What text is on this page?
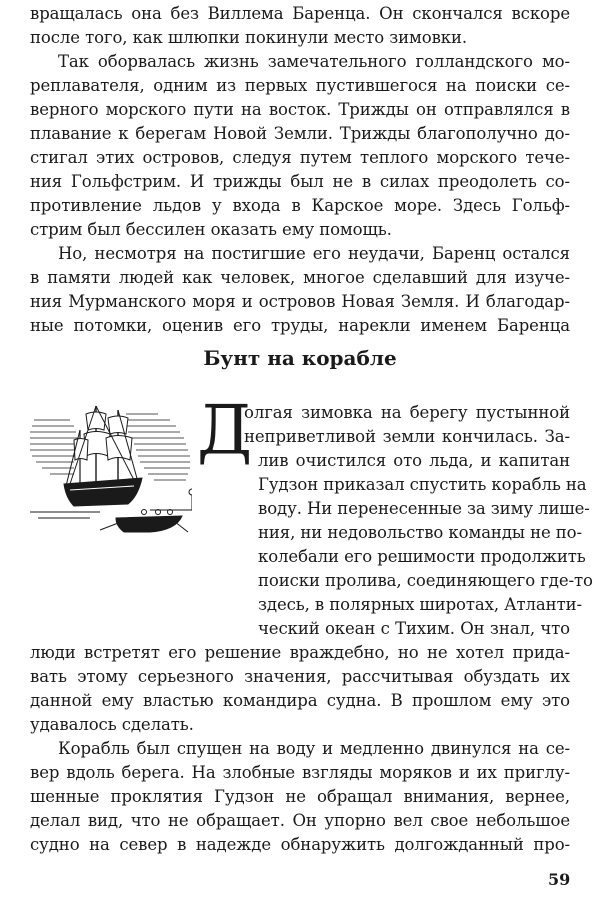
вращалась она без Виллема Баренца. Он скончался вскоре

после того, как шлюпки покинули место зимовки.

Так оборвалась жизнь замечательного голландского мо-

реплавателя, одним из первых пустившегося на поиски се-

верного морского пути на восток. Трижды он отправлялся в

плавание к берегам Новой Земли. Трижды благополучно до-

стигал этих островов, следуя путем теплого морского тече-

ния Гольфстрим. И трижды был не в силах преодолеть со-

противление льдов у входа в Карское море. Здесь Гольф-

стрим был бессилен оказать ему помощь.

Но, несмотря на постигшие его неудачи, Баренц остался

в памяти людей как человек, многое сделавший для изуче-

ния Мурманского моря и островов Новая Земля. И благодар-

ные потомки, оценив его труды, нарекли именем Баренца

Бунт на корабле

Д

олгая зимовка на берегу пустынной

неприветливой земли кончилась. За-

лив очистился ото льда, и капитан

Гудзон приказал спустить корабль на

воду. Ни перенесенные за зиму лише-

ния, ни недовольство команды не по-

колебали его решимости продолжить

поиски пролива, соединяющего где-то

здесь, в полярных широтах, Атланти-

ческий океан с Тихим. Он знал, что

люди встретят его решение враждебно, но не хотел прида-

вать этому серьезного значения, рассчитывая обуздать их

данной ему властью командира судна. В прошлом ему это

удавалось сделать.

Корабль был спущен на воду и медленно двинулся на се-

вер вдоль берега. На злобные взгляды моряков и их приглу-

шенные проклятия Гудзон не обращал внимания, вернее,

делал вид, что не обращает. Он упорно вел свое небольшое

судно на север в надежде обнаружить долгожданный про-

59
